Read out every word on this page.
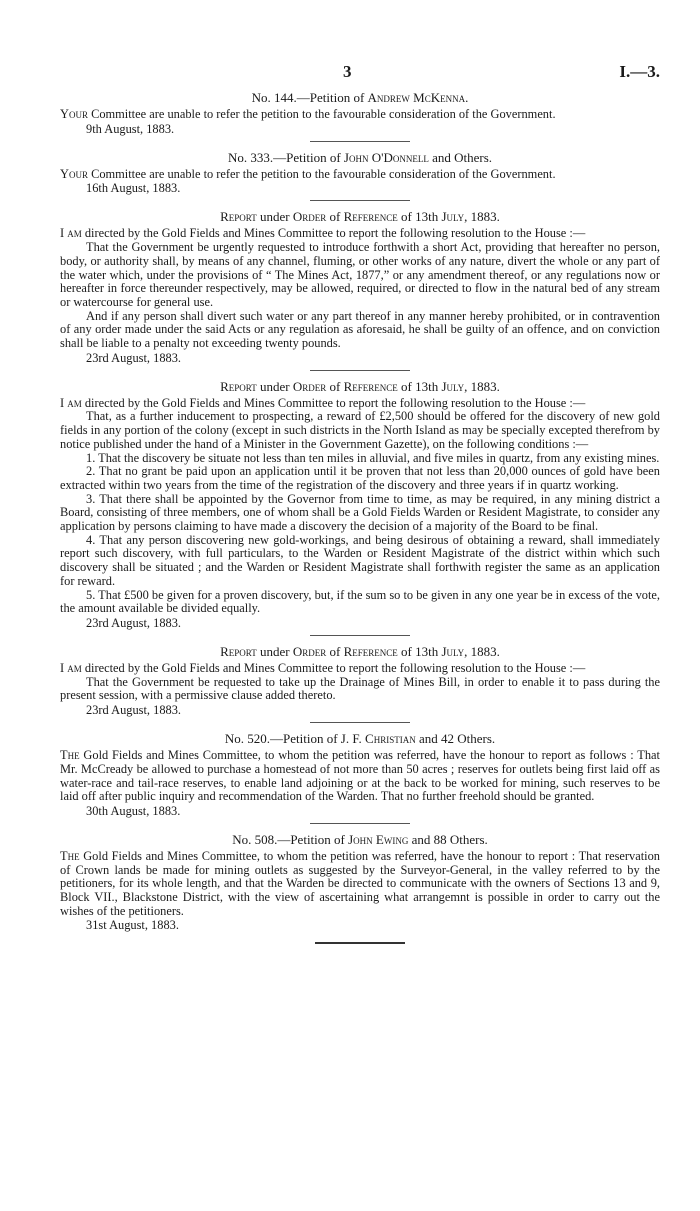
3	I.—3.
No. 144.—Petition of Andrew McKenna.

Your Committee are unable to refer the petition to the favourable consideration of the Government.

9th August, 1883.

No. 333.—Petition of John O'Donnell and Others.

Your Committee are unable to refer the petition to the favourable consideration of the Government.

16th August, 1883.

Report under Order of Reference of 13th July, 1883.

I am directed by the Gold Fields and Mines Committee to report the following resolution to the House :—

That the Government be urgently requested to introduce forthwith a short Act, providing that hereafter no person, body, or authority shall, by means of any channel, fluming, or other works of any nature, divert the whole or any part of the water which, under the provisions of “ The Mines Act, 1877,” or any amendment thereof, or any regulations now or hereafter in force thereunder respectively, may be allowed, required, or directed to flow in the natural bed of any stream or watercourse for general use.

And if any person shall divert such water or any part thereof in any manner hereby prohibited, or in contravention of any order made under the said Acts or any regulation as aforesaid, he shall be guilty of an offence, and on conviction shall be liable to a penalty not exceeding twenty pounds.

23rd August, 1883.

Report under Order of Reference of 13th July, 1883.

I am directed by the Gold Fields and Mines Committee to report the following resolution to the House :—

That, as a further inducement to prospecting, a reward of £2,500 should be offered for the discovery of new gold fields in any portion of the colony (except in such districts in the North Island as may be specially excepted therefrom by notice published under the hand of a Minister in the Government Gazette), on the following conditions :—

1. That the discovery be situate not less than ten miles in alluvial, and five miles in quartz, from any existing mines.

2. That no grant be paid upon an application until it be proven that not less than 20,000 ounces of gold have been extracted within two years from the time of the registration of the discovery and three years if in quartz working.

3. That there shall be appointed by the Governor from time to time, as may be required, in any mining district a Board, consisting of three members, one of whom shall be a Gold Fields Warden or Resident Magistrate, to consider any application by persons claiming to have made a discovery the decision of a majority of the Board to be final.

4. That any person discovering new gold-workings, and being desirous of obtaining a reward, shall immediately report such discovery, with full particulars, to the Warden or Resident Magistrate of the district within which such discovery shall be situated ; and the Warden or Resident Magistrate shall forthwith register the same as an application for reward.

5. That £500 be given for a proven discovery, but, if the sum so to be given in any one year be in excess of the vote, the amount available be divided equally.

23rd August, 1883.

Report under Order of Reference of 13th July, 1883.

I am directed by the Gold Fields and Mines Committee to report the following resolution to the House :—

That the Government be requested to take up the Drainage of Mines Bill, in order to enable it to pass during the present session, with a permissive clause added thereto.

23rd August, 1883.

No. 520.—Petition of J. F. Christian and 42 Others.

The Gold Fields and Mines Committee, to whom the petition was referred, have the honour to report as follows : That Mr. McCready be allowed to purchase a homestead of not more than 50 acres ; reserves for outlets being first laid off as water-race and tail-race reserves, to enable land adjoining or at the back to be worked for mining, such reserves to be laid off after public inquiry and recommendation of the Warden. That no further freehold should be granted.

30th August, 1883.

No. 508.—Petition of John Ewing and 88 Others.

The Gold Fields and Mines Committee, to whom the petition was referred, have the honour to report : That reservation of Crown lands be made for mining outlets as suggested by the Surveyor-General, in the valley referred to by the petitioners, for its whole length, and that the Warden be directed to communicate with the owners of Sections 13 and 9, Block VII., Blackstone District, with the view of ascertaining what arrangemnt is possible in order to carry out the wishes of the petitioners.

31st August, 1883.
